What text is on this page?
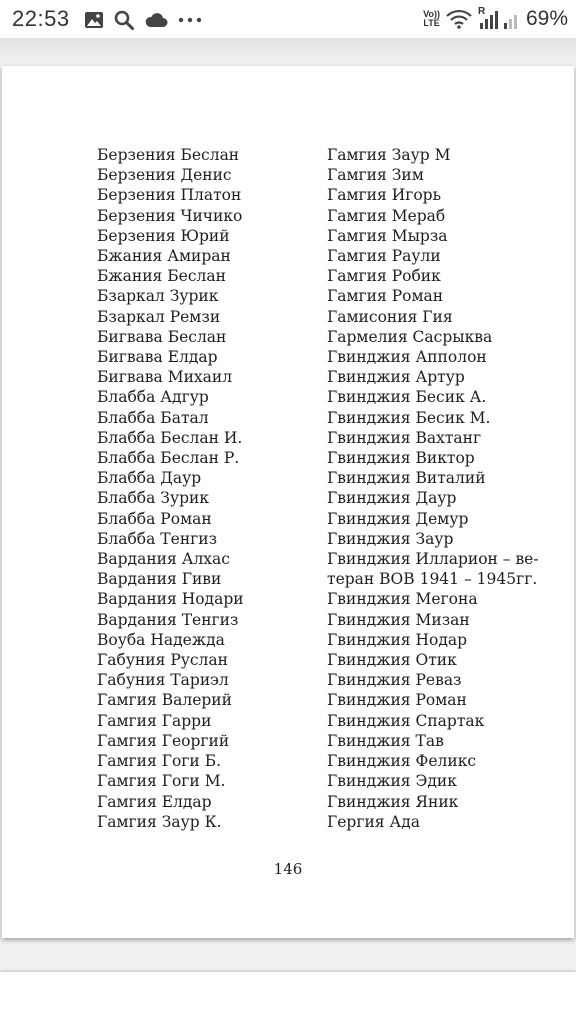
22:53	Vo))
LTE
R 69%
Берзения Беслан
Берзения Денис
Берзения Платон
Берзения Чичико
Берзения Юрий
Бжания Амиран
Бжания Беслан
Бзаркал Зурик
Бзаркал Ремзи
Бигвава Беслан
Бигвава Елдар
Бигвава Михаил
Блабба Адгур
Блабба Батал
Блабба Беслан И.
Блабба Беслан Р.
Блабба Даур
Блабба Зурик
Блабба Роман
Блабба Тенгиз
Вардания Алхас
Вардания Гиви
Вардания Нодари
Вардания Тенгиз
Воуба Надежда
Габуния Руслан
Габуния Тариэл
Гамгия Валерий
Гамгия Гарри
Гамгия Георгий
Гамгия Гоги Б.
Гамгия Гоги М.
Гамгия Елдар
Гамгия Заур К.
Гамгия Заур М
Гамгия Зим
Гамгия Игорь
Гамгия Мераб
Гамгия Мырза
Гамгия Раули
Гамгия Робик
Гамгия Роман
Гамисония Гия
Гармелия Сасрыква
Гвинджия Апполон
Гвинджия Артур
Гвинджия Бесик А.
Гвинджия Бесик М.
Гвинджия Вахтанг
Гвинджия Виктор
Гвинджия Виталий
Гвинджия Даур
Гвинджия Демур
Гвинджия Заур
Гвинджия Илларион – ве-
теран ВОВ 1941 – 1945гг.
Гвинджия Мегона
Гвинджия Мизан
Гвинджия Нодар
Гвинджия Отик
Гвинджия Реваз
Гвинджия Роман
Гвинджия Спартак
Гвинджия Тав
Гвинджия Феликс
Гвинджия Эдик
Гвинджия Яник
Гергия Ада
146
